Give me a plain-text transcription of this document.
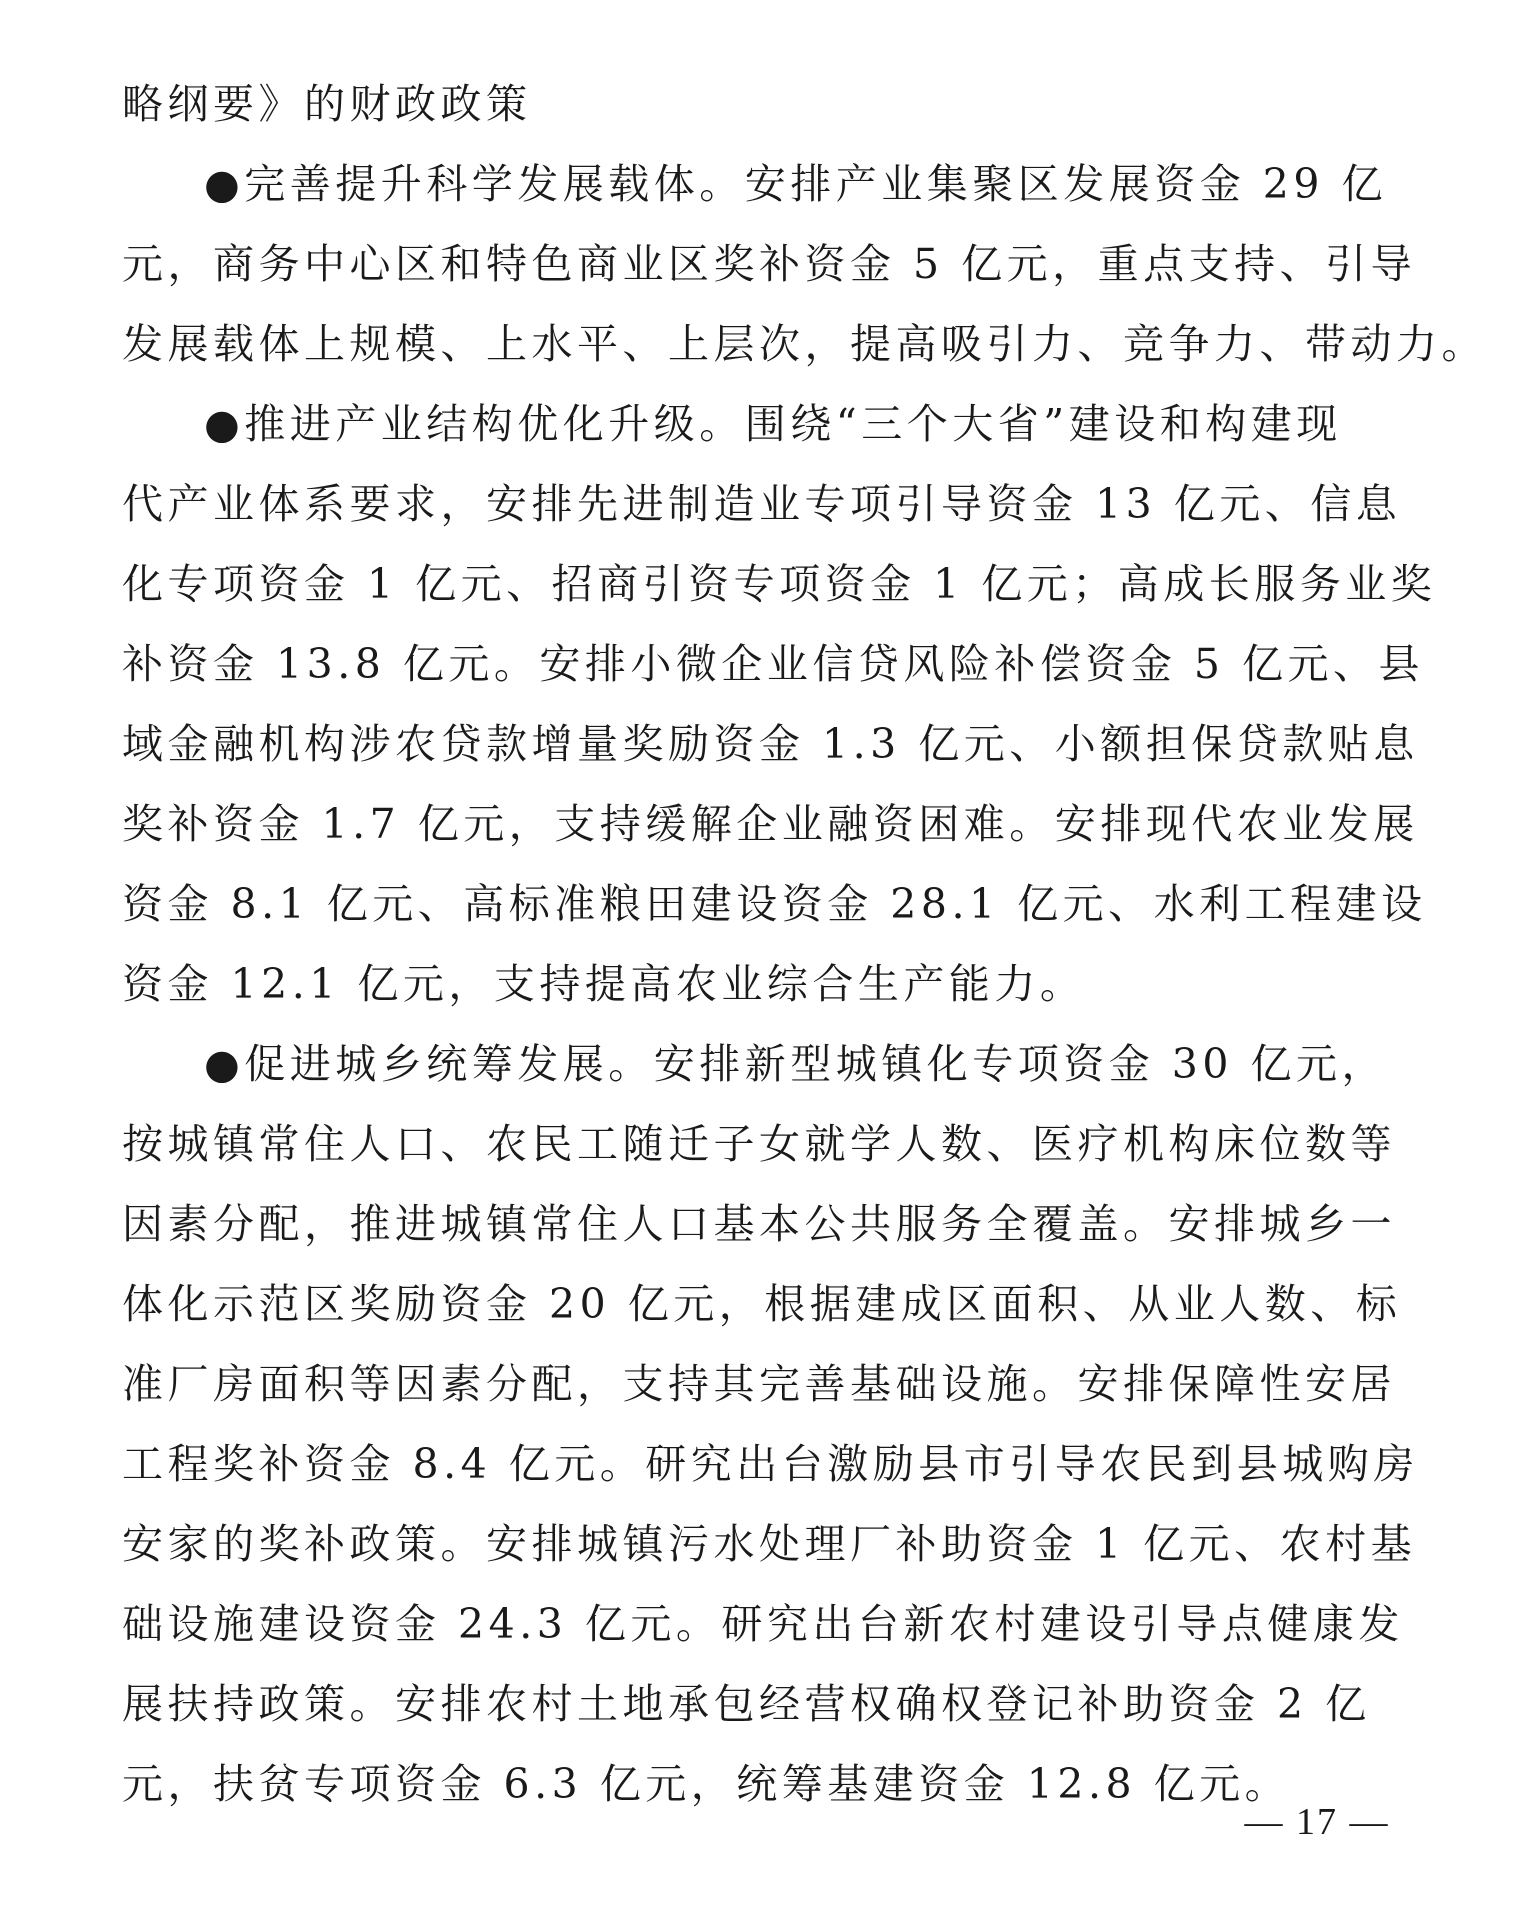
略纲要》的财政政策
●完善提升科学发展载体。安排产业集聚区发展资金 29 亿
元，商务中心区和特色商业区奖补资金 5 亿元，重点支持、引导
发展载体上规模、上水平、上层次，提高吸引力、竞争力、带动力。
●推进产业结构优化升级。围绕“三个大省”建设和构建现
代产业体系要求，安排先进制造业专项引导资金 13 亿元、信息
化专项资金 1 亿元、招商引资专项资金 1 亿元；高成长服务业奖
补资金 13.8 亿元。安排小微企业信贷风险补偿资金 5 亿元、县
域金融机构涉农贷款增量奖励资金 1.3 亿元、小额担保贷款贴息
奖补资金 1.7 亿元，支持缓解企业融资困难。安排现代农业发展
资金 8.1 亿元、高标准粮田建设资金 28.1 亿元、水利工程建设
资金 12.1 亿元，支持提高农业综合生产能力。
●促进城乡统筹发展。安排新型城镇化专项资金 30 亿元，
按城镇常住人口、农民工随迁子女就学人数、医疗机构床位数等
因素分配，推进城镇常住人口基本公共服务全覆盖。安排城乡一
体化示范区奖励资金 20 亿元，根据建成区面积、从业人数、标
准厂房面积等因素分配，支持其完善基础设施。安排保障性安居
工程奖补资金 8.4 亿元。研究出台激励县市引导农民到县城购房
安家的奖补政策。安排城镇污水处理厂补助资金 1 亿元、农村基
础设施建设资金 24.3 亿元。研究出台新农村建设引导点健康发
展扶持政策。安排农村土地承包经营权确权登记补助资金 2 亿
元，扶贫专项资金 6.3 亿元，统筹基建资金 12.8 亿元。
— 17 —
